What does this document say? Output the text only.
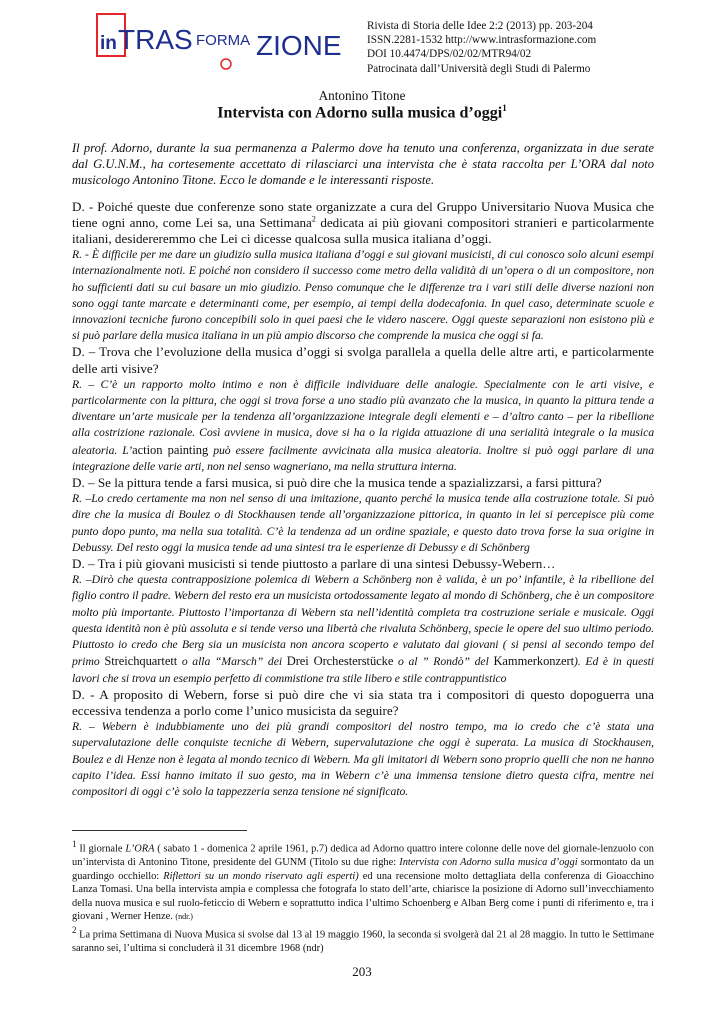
in TRAS FORMA ZIONE
Rivista di Storia delle Idee 2:2 (2013) pp. 203-204
ISSN.2281-1532 http://www.intrasformazione.com
DOI 10.4474/DPS/02/02/MTR94/02
Patrocinata dall’Università degli Studi di Palermo
Antonino Titone
Intervista con Adorno sulla musica d’oggi$^1$

Il prof. Adorno, durante la sua permanenza a Palermo dove ha tenuto una conferenza, organizzata in due serate dal G.U.N.M., ha cortesemente accettato di rilasciarci una intervista che è stata raccolta per L’ORA dal noto musicologo Antonino Titone. Ecco le domande e le interessanti risposte.

D. - Poiché queste due conferenze sono state organizzate a cura del Gruppo Universitario Nuova Musica che tiene ogni anno, come Lei sa, una Settimana$^2$ dedicata ai più giovani compositori stranieri e particolarmente italiani, desidereremmo che Lei ci dicesse qualcosa sulla musica italiana d’oggi.

R. - È difficile per me dare un giudizio sulla musica italiana d’oggi e sui giovani musicisti, di cui conosco solo alcuni esempi internazionalmente noti. E poiché non considero il successo come metro della validità di un’opera o di un compositore, non ho sufficienti dati su cui basare un mio giudizio. Penso comunque che le differenze tra i vari stili delle diverse nazioni non sono oggi tante marcate e determinanti come, per esempio, ai tempi della dodecafonia. In quel caso, determinate scuole e innovazioni tecniche furono concepibili solo in quei paesi che le videro nascere. Oggi queste separazioni non esistono più e si può parlare della musica italiana in un più ampio discorso che comprende la musica che oggi si fa.

D. – Trova che l’evoluzione della musica d’oggi si svolga parallela a quella delle altre arti, e particolarmente delle arti visive?

R. – C’è un rapporto molto intimo e non è difficile individuare delle analogie. Specialmente con le arti visive, e particolarmente con la pittura, che oggi si trova forse a uno stadio più avanzato che la musica, in quanto la pittura tende a diventare un’arte musicale per la tendenza all’organizzazione integrale degli elementi e – d’altro canto – per la ribellione alla costrizione razionale. Così avviene in musica, dove si ha o la rigida attuazione di una serialità integrale o la musica aleatoria. L’action painting può essere facilmente avvicinata alla musica aleatoria. Inoltre si può oggi parlare di una integrazione delle varie arti, non nel senso wagneriano, ma nella struttura interna.

D. – Se la pittura tende a farsi musica, si può dire che la musica tende a spazializzarsi, a farsi pittura?

R. –Lo credo certamente ma non nel senso di una imitazione, quanto perché la musica tende alla costruzione totale. Si può dire che la musica di Boulez o di Stockhausen tende all’organizzazione pittorica, in quanto in lei si percepisce più come punto dopo punto, ma nella sua totalità. C’è la tendenza ad un ordine spaziale, e questo dato trova forse la sua origine in Debussy. Del resto oggi la musica tende ad una sintesi tra le esperienze di Debussy e di Schönberg

D. – Tra i più giovani musicisti si tende piuttosto a parlare di una sintesi Debussy-Webern…

R. –Dirò che questa contrapposizione polemica di Webern a Schönberg non è valida, è un po’ infantile, è la ribellione del figlio contro il padre. Webern del resto era un musicista ortodossamente legato al mondo di Schönberg, che è un compositore molto più importante. Piuttosto l’importanza di Webern sta nell’identità completa tra costruzione seriale e musicale. Oggi questa identità non è più assoluta e si tende verso una libertà che rivaluta Schönberg, specie le opere del suo ultimo periodo. Piuttosto io credo che Berg sia un musicista non ancora scoperto e valutato dai giovani ( si pensi al secondo tempo del primo Streichquartett o alla “Marsch” dei Drei Orchesterstücke o al ” Rondò” del Kammerkonzert). Ed è in questi lavori che si trova un esempio perfetto di commistione tra stile libero e stile contrappuntistico

D. - A proposito di Webern, forse si può dire che vi sia stata tra i compositori di questo dopoguerra una eccessiva tendenza a porlo come l’unico musicista da seguire?

R. – Webern è indubbiamente uno dei più grandi compositori del nostro tempo, ma io credo che c’è stata una supervalutazione delle conquiste tecniche di Webern, supervalutazione che oggi è superata. La musica di Stockhausen, Boulez e di Henze non è legata al mondo tecnico di Webern. Ma gli imitatori di Webern sono proprio quelli che non ne hanno capito l’idea. Essi hanno imitato il suo gesto, ma in Webern c’è una immensa tensione dietro questa cifra, mentre nei compositori di oggi c’è solo la tappezzeria senza tensione né significato.

$^1$ Il giornale L’ORA ( sabato 1 - domenica 2 aprile 1961, p.7) dedica ad Adorno quattro intere colonne delle nove del giornale-lenzuolo con un’intervista di Antonino Titone, presidente del GUNM (Titolo su due righe: Intervista con Adorno sulla musica d’oggi sormontato da un guardingo occhiello: Riflettori su un mondo riservato agli esperti) ed una recensione molto dettagliata della conferenza di Gioacchino Lanza Tomasi. Una bella intervista ampia e complessa che fotografa lo stato dell’arte, chiarisce la posizione di Adorno sull’invecchiamento della nuova musica e sul ruolo-feticcio di Webern e soprattutto indica l’ultimo Schoenberg e Alban Berg come i punti di riferimento e, tra i giovani , Werner Henze. (ndr.)

$^2$ La prima Settimana di Nuova Musica si svolse dal 13 al 19 maggio 1960, la seconda si svolgerà dal 21 al 28 maggio. In tutto le Settimane saranno sei, l’ultima si concluderà il 31 dicembre 1968 (ndr)

203
